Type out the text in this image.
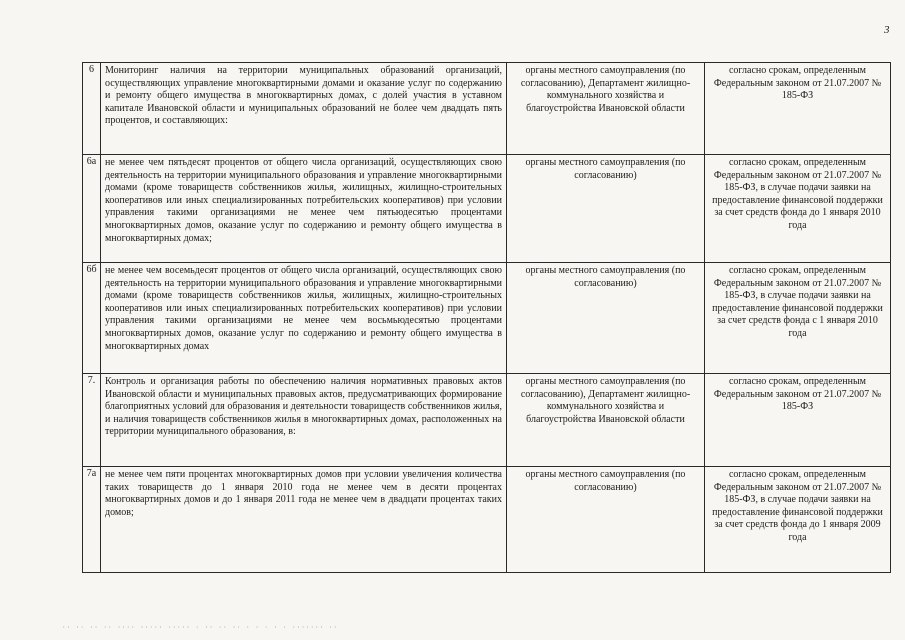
3
6	Мониторинг наличия на территории муниципальных образований организаций, осуществляющих управление многоквартирными домами и оказание услуг по содержанию и ремонту общего имущества в многоквартирных домах, с долей участия в уставном капитале Ивановской области и муниципальных образований не более чем двадцать пять процентов, и составляющих:	органы местного самоуправления (по согласованию), Департамент жилищно-коммунального хозяйства и благоустройства Ивановской области	согласно срокам, определенным Федеральным законом от 21.07.2007 № 185-ФЗ
6а	не менее чем пятьдесят процентов от общего числа организаций, осуществляющих свою деятельность на территории муниципального образования и управление многоквартирными домами (кроме товариществ собственников жилья, жилищных, жилищно-строительных кооперативов или иных специализированных потребительских кооперативов) при условии управления такими организациями не менее чем пятьюдесятью процентами многоквартирных домов, оказание услуг по содержанию и ремонту общего имущества в многоквартирных домах;	органы местного самоуправления (по согласованию)	согласно срокам, определенным Федеральным законом от 21.07.2007 № 185-ФЗ, в случае подачи заявки на предоставление финансовой поддержки за счет средств фонда до 1 января 2010 года
6б	не менее чем восемьдесят процентов от общего числа организаций, осуществляющих свою деятельность на территории муниципального образования и управление многоквартирными домами (кроме товариществ собственников жилья, жилищных, жилищно-строительных кооперативов или иных специализированных потребительских кооперативов) при условии управления такими организациями не менее чем восьмьюдесятью процентами многоквартирных домов, оказание услуг по содержанию и ремонту общего имущества в многоквартирных домах	органы местного самоуправления (по согласованию)	согласно срокам, определенным Федеральным законом от 21.07.2007 № 185-ФЗ, в случае подачи заявки на предоставление финансовой поддержки за счет средств фонда с 1 января 2010 года
7.	Контроль и организация работы по обеспечению наличия нормативных правовых актов Ивановской области и муниципальных правовых актов, предусматривающих формирование благоприятных условий для образования и деятельности товариществ собственников жилья, и наличия товариществ собственников жилья в многоквартирных домах, расположенных на территории муниципального образования, в:	органы местного самоуправления (по согласованию), Департамент жилищно-коммунального хозяйства и благоустройства Ивановской области	согласно срокам, определенным Федеральным законом от 21.07.2007 № 185-ФЗ
7а	не менее чем пяти процентах многоквартирных домов при условии увеличения количества таких товариществ до 1 января 2010 года не менее чем в десяти процентах многоквартирных домов и до 1 января 2011 года не менее чем в двадцати процентах таких домов;	органы местного самоуправления (по согласованию)	согласно срокам, определенным Федеральным законом от 21.07.2007 № 185-ФЗ, в случае подачи заявки на предоставление финансовой поддержки за счет средств фонда до 1 января 2009 года
·· ·· ·· ·· ···· ····· ····· · ·· ·· ·· · · · · · ······· ··
